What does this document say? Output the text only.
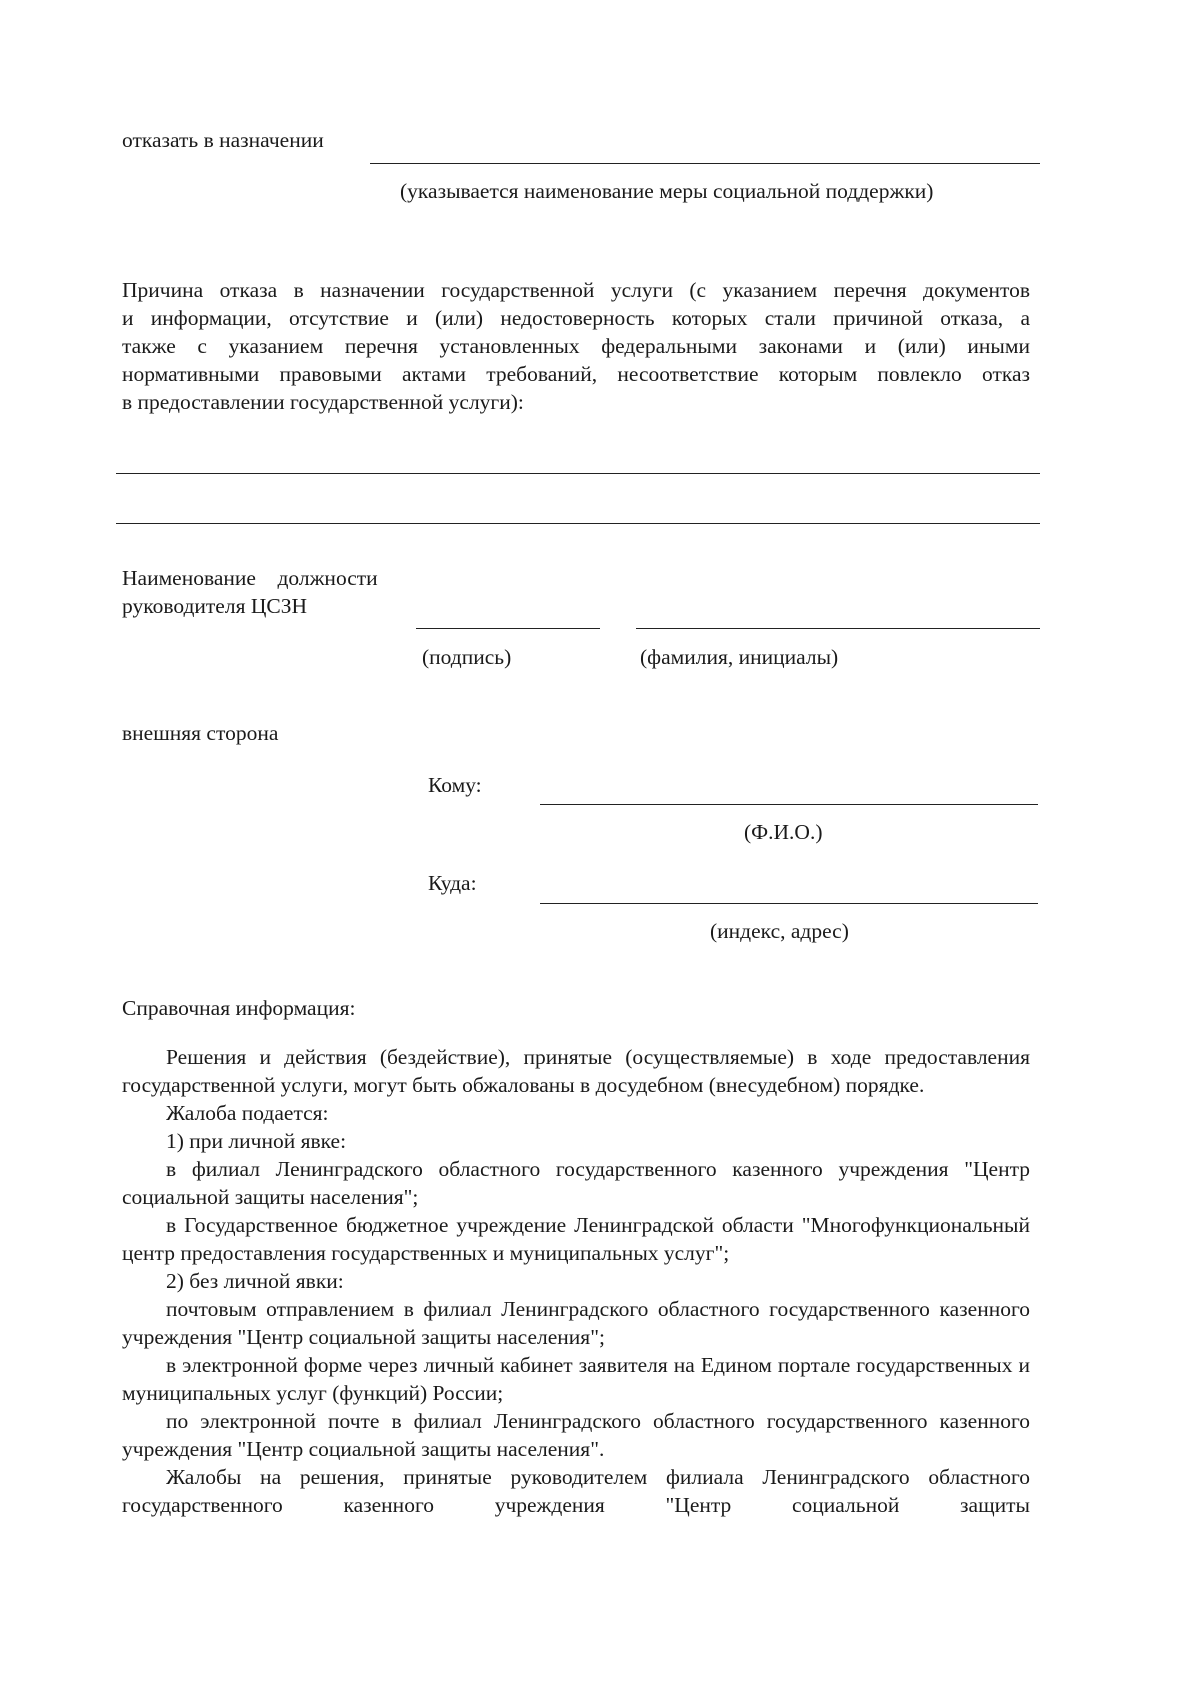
отказать в назначении
(указывается наименование меры социальной поддержки)

Причина отказа в назначении государственной услуги (с указанием перечня документов

и информации, отсутствие и (или) недостоверность которых стали причиной отказа, а

также с указанием перечня установленных федеральными законами и (или) иными

нормативными правовыми актами требований, несоответствие которым повлекло отказ

в предоставлении государственной услуги):

Наименование    должности
руководителя ЦСЗН
(подпись)	(фамилия, инициалы)
внешняя сторона
Кому:
(Ф.И.О.)
Куда:
(индекс, адрес)
Справочная информация:

Решения и действия (бездействие), принятые (осуществляемые) в ходе предоставления государственной услуги, могут быть обжалованы в досудебном (внесудебном) порядке.

Жалоба подается:

1) при личной явке:

в филиал Ленинградского областного государственного казенного учреждения "Центр социальной защиты населения";

в Государственное бюджетное учреждение Ленинградской области "Многофункциональный центр предоставления государственных и муниципальных услуг";

2) без личной явки:

почтовым отправлением в филиал Ленинградского областного государственного казенного учреждения "Центр социальной защиты населения";

в электронной форме через личный кабинет заявителя на Едином портале государственных и муниципальных услуг (функций) России;

по электронной почте в филиал Ленинградского областного государственного казенного учреждения "Центр социальной защиты населения".

Жалобы на решения, принятые руководителем филиала Ленинградского областного государственного казенного учреждения "Центр социальной защиты
